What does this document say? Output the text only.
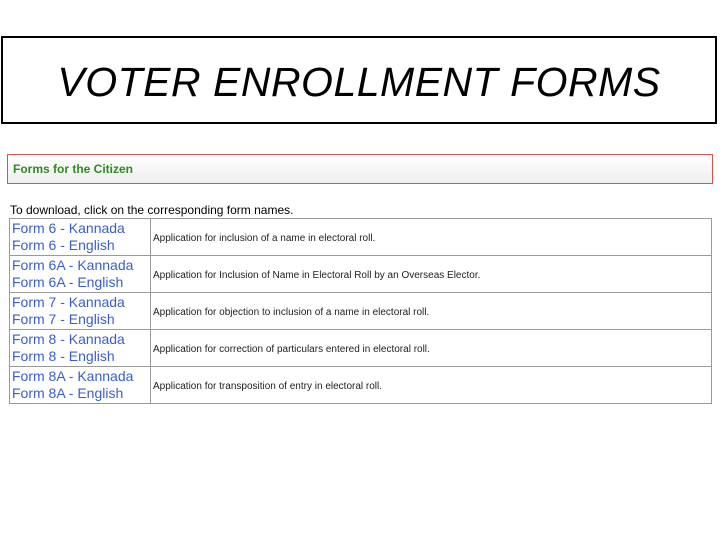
VOTER ENROLLMENT FORMS
Forms for the Citizen
To download, click on the corresponding form names.
Form 6 - Kannada
Form 6 - English	Application for inclusion of a name in electoral roll.

Form 6A - Kannada
Form 6A - English	Application for Inclusion of Name in Electoral Roll by an Overseas Elector.

Form 7 - Kannada
Form 7 - English	Application for objection to inclusion of a name in electoral roll.

Form 8 - Kannada
Form 8 - English	Application for correction of particulars entered in electoral roll.

Form 8A - Kannada
Form 8A - English	Application for transposition of entry in electoral roll.
